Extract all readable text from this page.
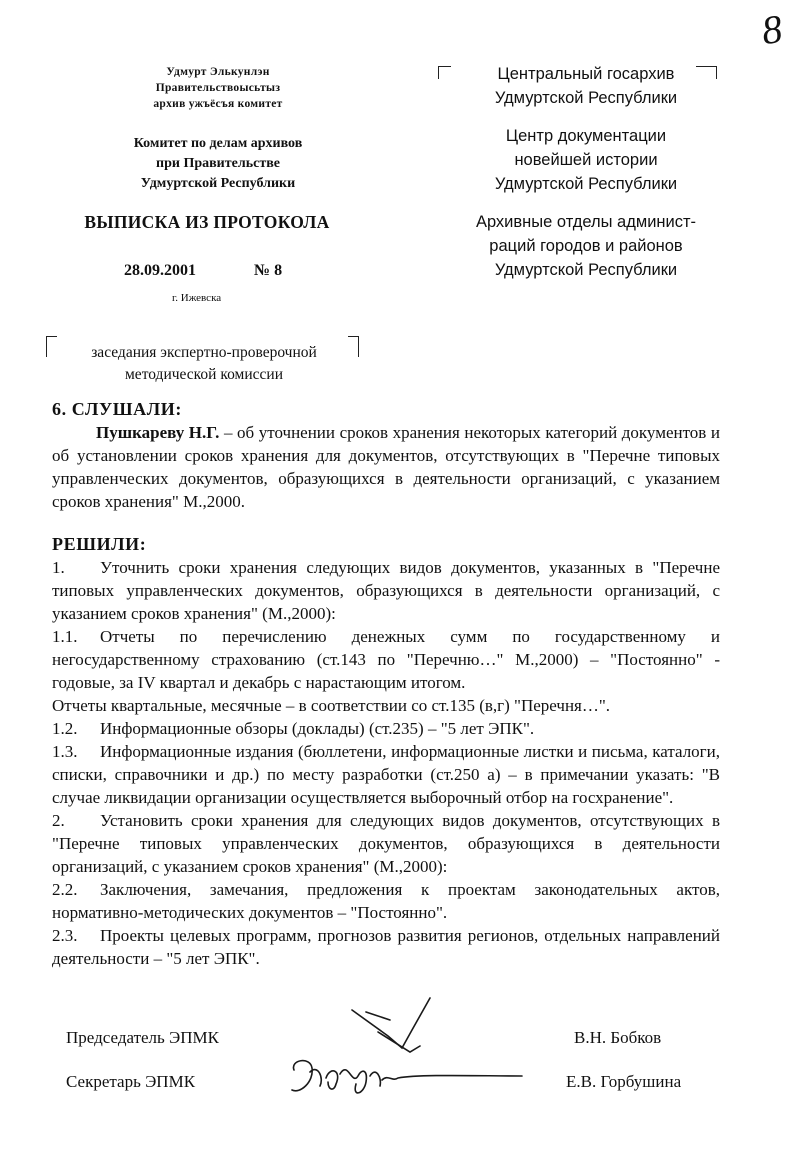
8
Удмурт Элькунлэн
Правительствоысьтыз
архив ужъёсъя комитет
Комитет по делам архивов
при Правительстве
Удмуртской Республики
ВЫПИСКА ИЗ ПРОТОКОЛА
28.09.2001	№ 8
г. Ижевска
заседания экспертно-проверочной
методической комиссии
Центральный госархив
Удмуртской Республики
Центр документации
новейшей истории
Удмуртской Республики
Архивные отделы админист-
раций городов и районов
Удмуртской Республики
6. СЛУШАЛИ:
Пушкареву Н.Г. – об уточнении сроков хранения некоторых категорий документов и об установлении сроков хранения для документов, отсутствующих в "Перечне типовых управленческих документов, образующихся в деятельности организаций, с указанием сроков хранения" М.,2000.
РЕШИЛИ:
1. Уточнить сроки хранения следующих видов документов, указанных в "Перечне типовых управленческих документов, образующихся в деятельности организаций, с указанием сроков хранения" (М.,2000):
1.1. Отчеты по перечислению денежных сумм по государственному и негосударственному страхованию (ст.143 по "Перечню…" М.,2000) – "Постоянно" - годовые, за IV квартал и декабрь с нарастающим итогом.
Отчеты квартальные, месячные – в соответствии со ст.135 (в,г) "Перечня…".
1.2. Информационные обзоры (доклады) (ст.235) – "5 лет ЭПК".
1.3. Информационные издания (бюллетени, информационные листки и письма, каталоги, списки, справочники и др.) по месту разработки (ст.250 а) – в примечании указать: "В случае ликвидации организации осуществляется выборочный отбор на госхранение".
2. Установить сроки хранения для следующих видов документов, отсутствующих в "Перечне типовых управленческих документов, образующихся в деятельности организаций, с указанием сроков хранения" (М.,2000):
2.2. Заключения, замечания, предложения к проектам законодательных актов, нормативно-методических документов – "Постоянно".
2.3. Проекты целевых программ, прогнозов развития регионов, отдельных направлений деятельности – "5 лет ЭПК".
Председатель ЭПМК	В.Н. Бобков
Секретарь ЭПМК	Е.В. Горбушина
